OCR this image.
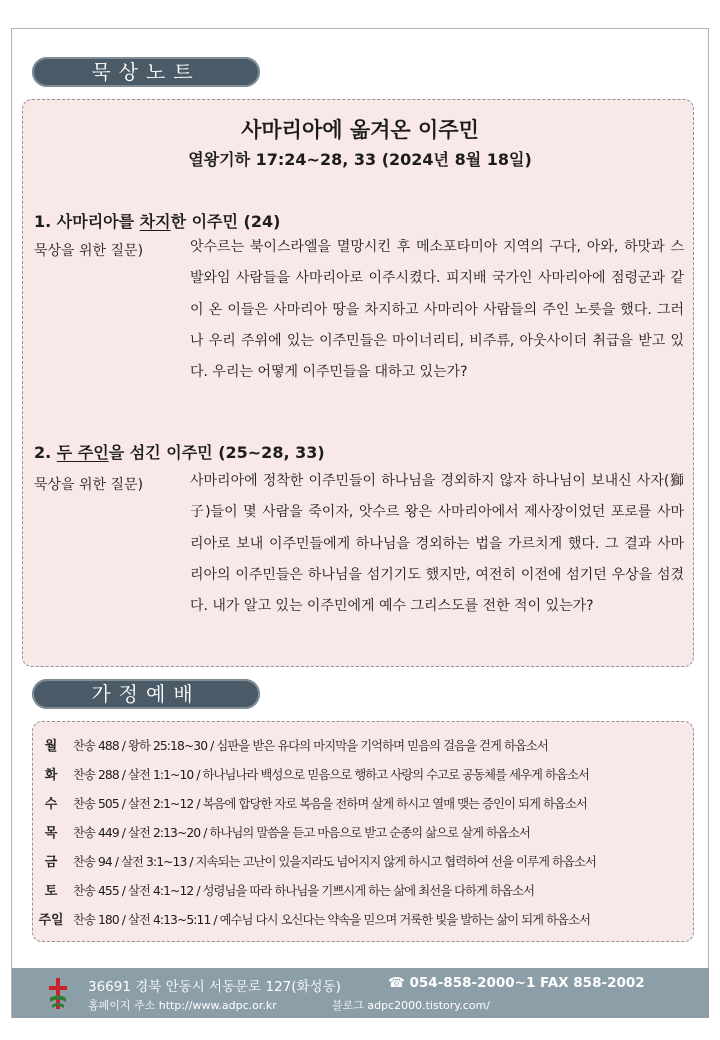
묵상노트
사마리아에 옮겨온 이주민
열왕기하 17:24~28, 33 (2024년 8월 18일)
1. 사마리아를 차지한 이주민 (24)
묵상을 위한 질문)	앗수르는 북이스라엘을 멸망시킨 후 메소포타미아 지역의 구다, 아와, 하맛과 스발와임 사람들을 사마리아로 이주시켰다. 피지배 국가인 사마리아에 점령군과 같이 온 이들은 사마리아 땅을 차지하고 사마리아 사람들의 주인 노릇을 했다. 그러나 우리 주위에 있는 이주민들은 마이너리티, 비주류, 아웃사이더 취급을 받고 있다. 우리는 어떻게 이주민들을 대하고 있는가?
2. 두 주인을 섬긴 이주민 (25~28, 33)
묵상을 위한 질문)	사마리아에 정착한 이주민들이 하나님을 경외하지 않자 하나님이 보내신 사자(獅子)들이 몇 사람을 죽이자, 앗수르 왕은 사마리아에서 제사장이었던 포로를 사마리아로 보내 이주민들에게 하나님을 경외하는 법을 가르치게 했다. 그 결과 사마리아의 이주민들은 하나님을 섬기기도 했지만, 여전히 이전에 섬기던 우상을 섬겼다. 내가 알고 있는 이주민에게 예수 그리스도를 전한 적이 있는가?
가정예배
월	찬송 488 / 왕하 25:18~30 / 심판을 받은 유다의 마지막을 기억하며 믿음의 걸음을 걷게 하옵소서
화	찬송 288 / 살전 1:1~10 / 하나님나라 백성으로 믿음으로 행하고 사랑의 수고로 공동체를 세우게 하옵소서
수	찬송 505 / 살전 2:1~12 / 복음에 합당한 자로 복음을 전하며 살게 하시고 열매 맺는 증인이 되게 하옵소서
목	찬송 449 / 살전 2:13~20 / 하나님의 말씀을 듣고 마음으로 받고 순종의 삶으로 살게 하옵소서
금	찬송 94 / 살전 3:1~13 / 지속되는 고난이 있을지라도 넘어지지 않게 하시고 협력하여 선을 이루게 하옵소서
토	찬송 455 / 살전 4:1~12 / 성령님을 따라 하나님을 기쁘시게 하는 삶에 최선을 다하게 하옵소서
주일 찬송 180 / 살전 4:13~5:11 / 예수님 다시 오신다는 약속을 믿으며 거룩한 빛을 발하는 삶이 되게 하옵소서
36691 경북 안동시 서동문로 127(화성동)	☎ 054-858-2000~1 FAX 858-2002
홈페이지 주소 http://www.adpc.or.kr	블로그 adpc2000.tistory.com/
